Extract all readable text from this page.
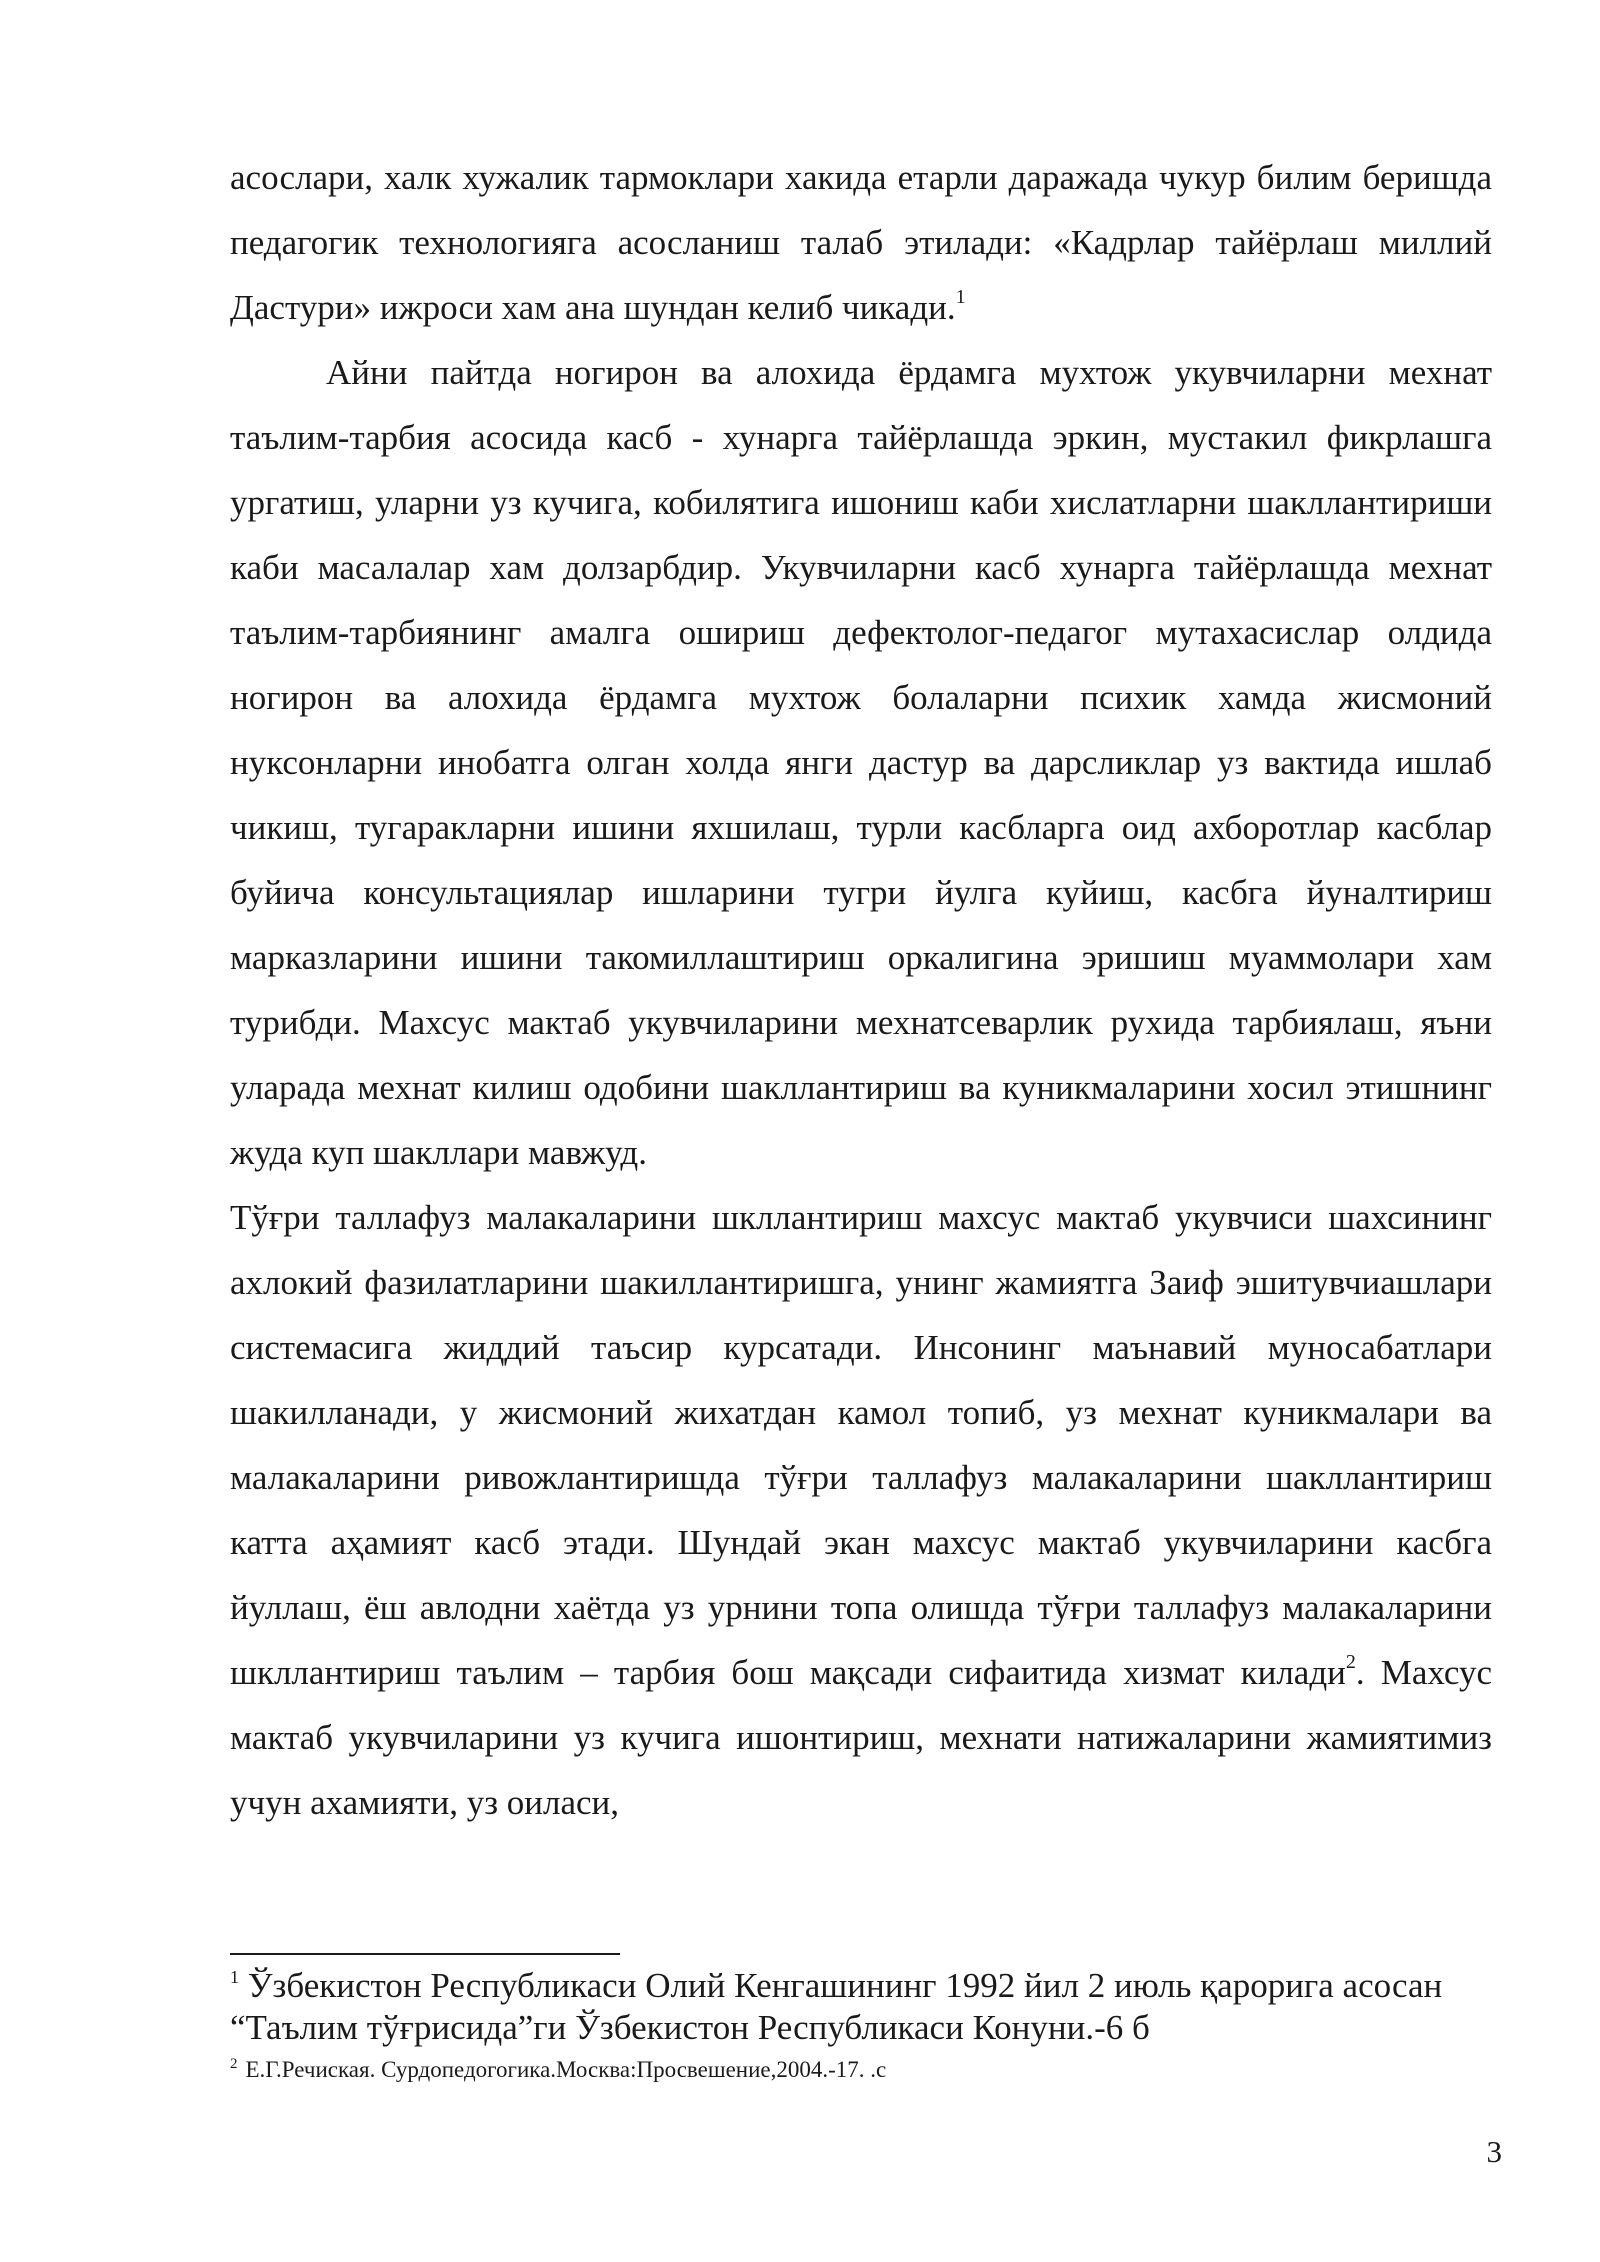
асослари, халк хужалик тармоклари хакида етарли даражада чукур билим беришда педагогик технологияга асосланиш талаб этилади: «Кадрлар тайёрлаш миллий Дастури» ижроси хам ана шундан келиб чикади.$^1$

Айни пайтда ногирон ва алохида ёрдамга мухтож укувчиларни мехнат таълим-тарбия асосида касб - хунарга тайёрлашда эркин, мустакил фикрлашга ургатиш, уларни уз кучига, кобилятига ишониш каби хислатларни шакллантириши каби масалалар хам долзарбдир. Укувчиларни касб хунарга тайёрлашда мехнат таълим-тарбиянинг амалга ошириш дефектолог-педагог мутахасислар олдида ногирон ва алохида ёрдамга мухтож болаларни психик хамда жисмоний нуксонларни инобатга олган холда янги дастур ва дарсликлар уз вактида ишлаб чикиш, тугаракларни ишини яхшилаш, турли касбларга оид ахборотлар касблар буйича консультациялар ишларини тугри йулга куйиш, касбга йуналтириш марказларини ишини такомиллаштириш оркалигина эришиш муаммолари хам турибди. Махсус мактаб укувчиларини мехнатсеварлик рухида тарбиялаш, яъни уларада мехнат килиш одобини шакллантириш ва куникмаларини хосил этишнинг жуда куп шакллари мавжуд.

Тўғри таллафуз малакаларини шкллантириш махсус мактаб укувчиси шахсининг ахлокий фазилатларини шакиллантиришга, унинг жамиятга Заиф эшитувчиашлари системасига жиддий таъсир курсатади. Инсонинг маънавий муносабатлари шакилланади, у жисмоний жихатдан камол топиб, уз мехнат куникмалари ва малакаларини ривожлантиришда тўғри таллафуз малакаларини шакллантириш катта аҳамият касб этади. Шундай экан махсус мактаб укувчиларини касбга йуллаш, ёш авлодни хаётда уз урнини топа олишда тўғри таллафуз малакаларини шкллантириш таълим – тарбия бош мақсади сифаитида хизмат килади$^2$. Махсус мактаб укувчиларини уз кучига ишонтириш, мехнати натижаларини жамиятимиз учун ахамияти, уз оиласи,

$^1$ Ўзбекистон Республикаси Олий Кенгашининг 1992 йил 2 июль қарорига асосан “Таълим тўғрисида”ги Ўзбекистон Республикаси Конуни.-6 б

$^2$ Е.Г.Речиская. Сурдопедогогика.Москва:Просвешение,2004.-17. .с

3
